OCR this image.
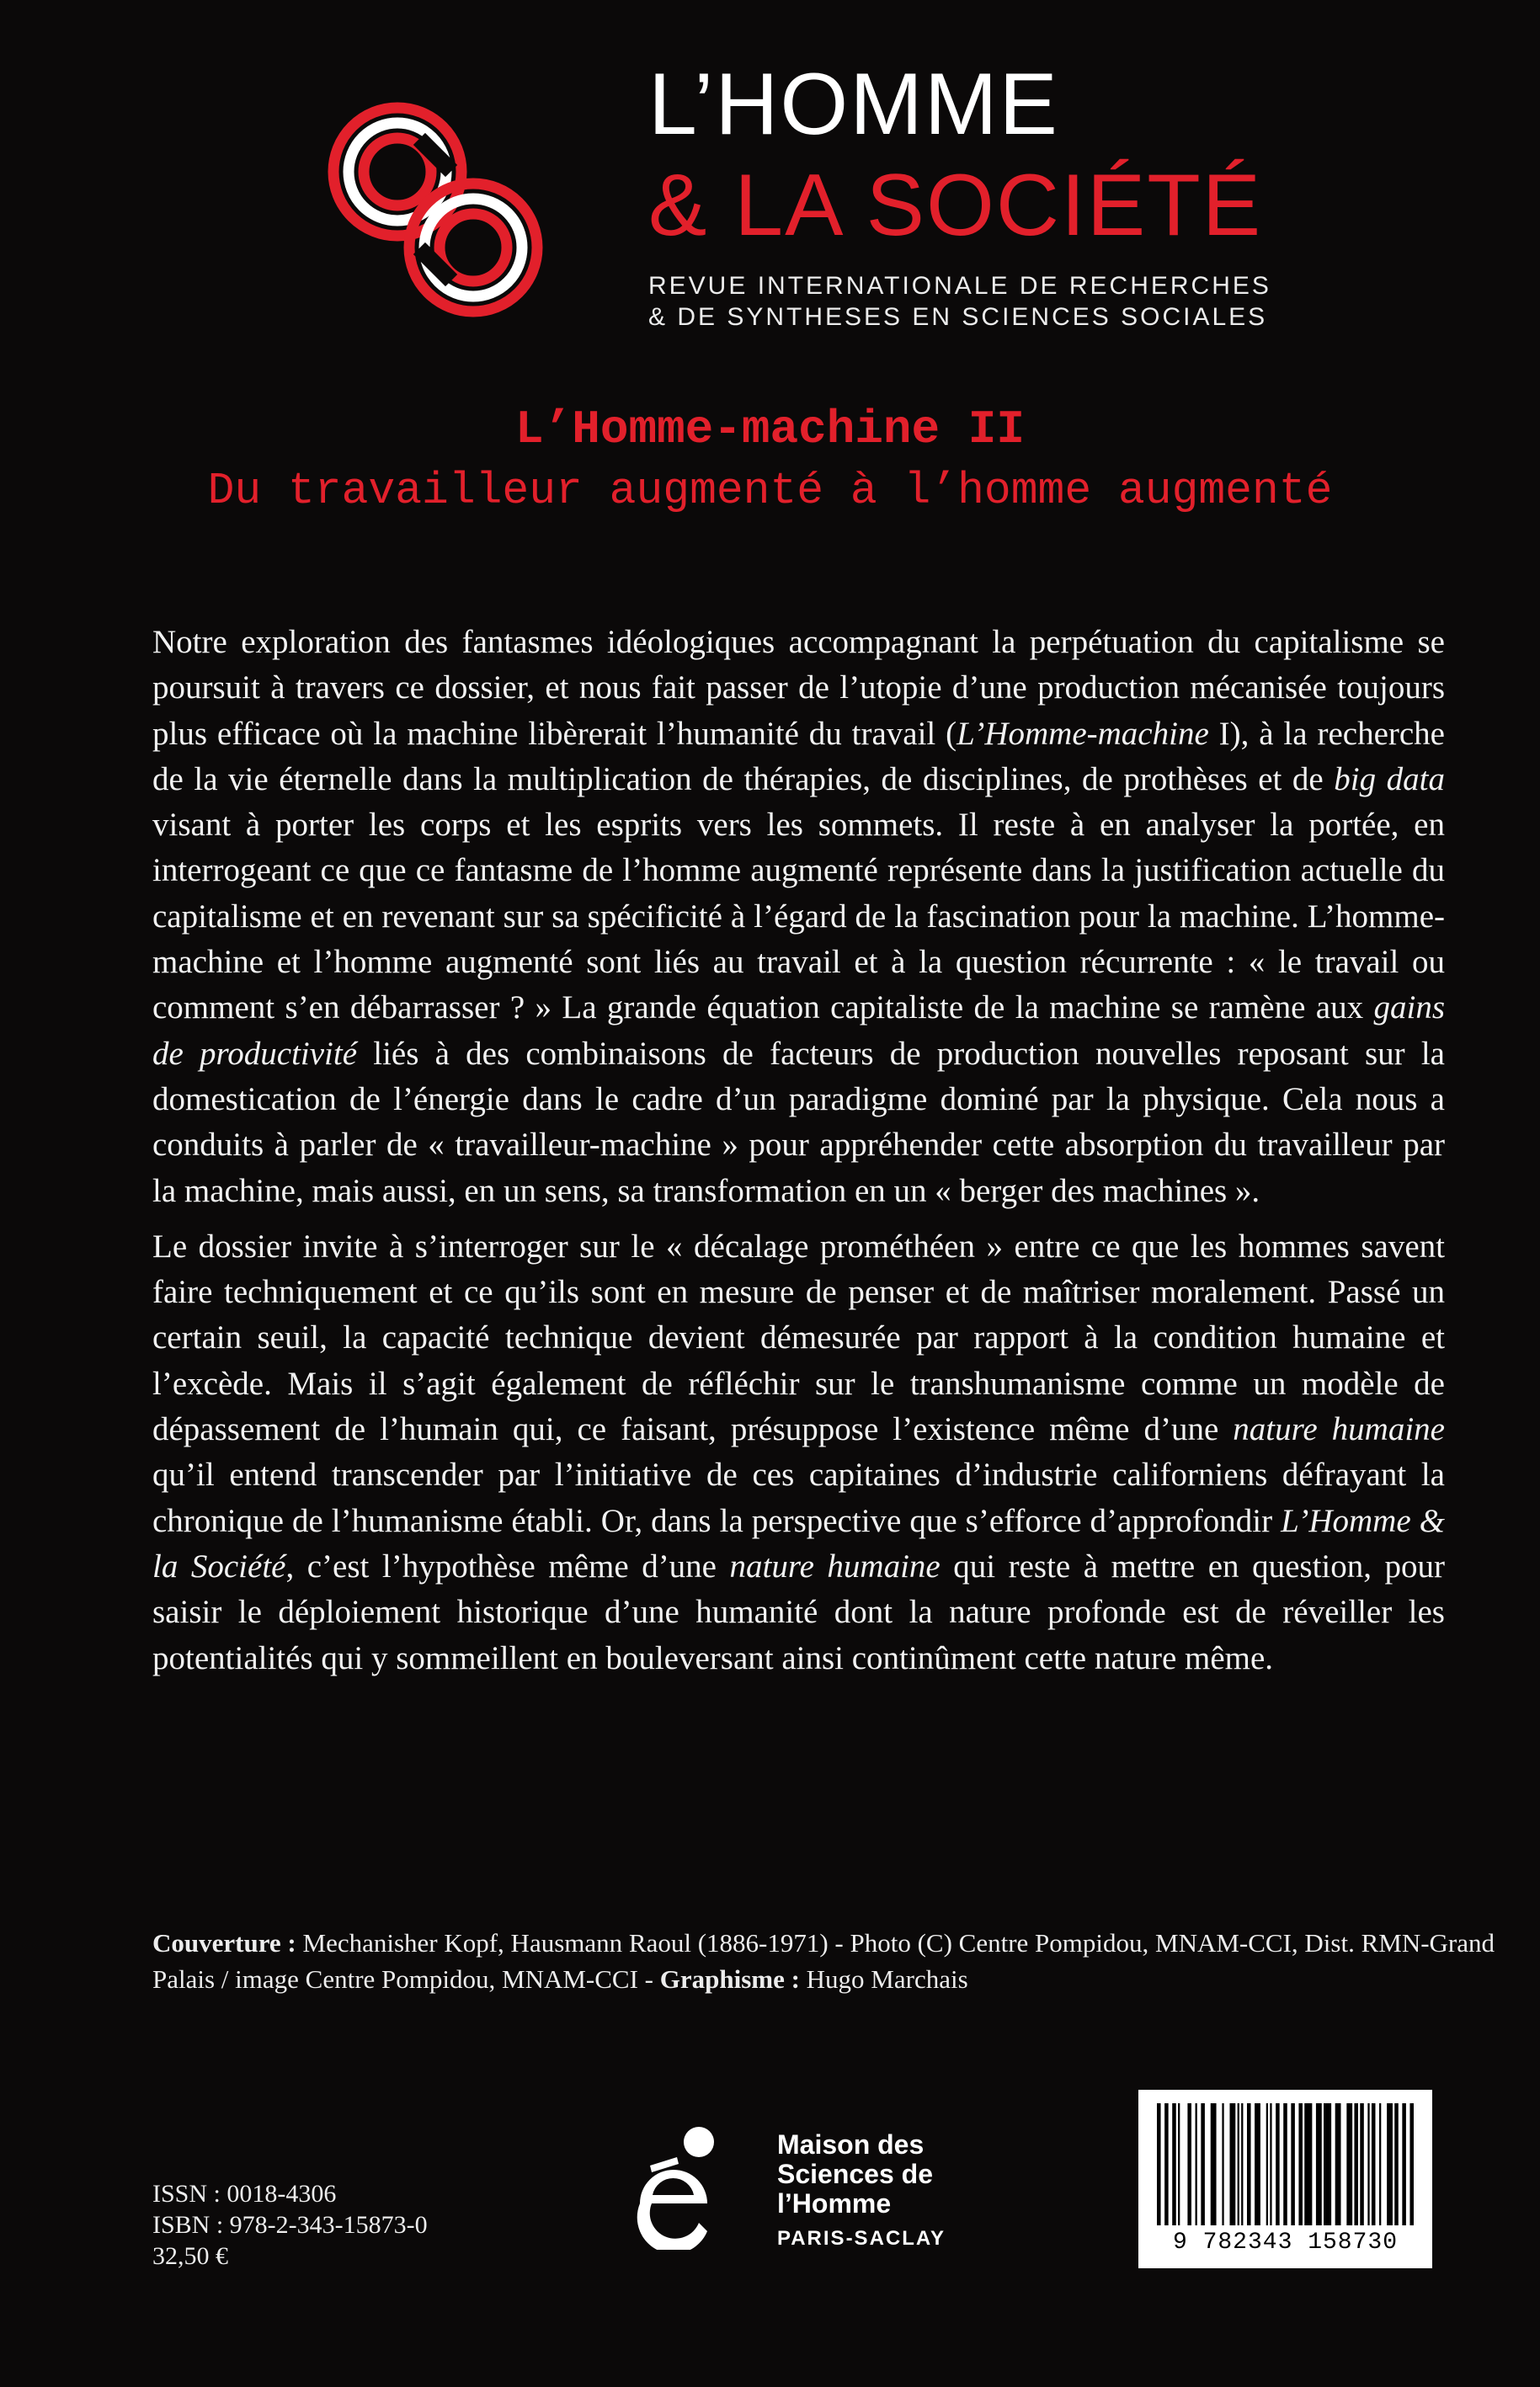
L’HOMME
& LA SOCIÉTÉ
REVUE INTERNATIONALE DE RECHERCHES
& DE SYNTHESES EN SCIENCES SOCIALES
L’Homme-machine II
Du travailleur augmenté à l’homme augmenté

Notre exploration des fantasmes idéologiques accompagnant la perpétuation du capitalisme se poursuit à travers ce dossier, et nous fait passer de l’utopie d’une production mécanisée toujours plus efficace où la machine libèrerait l’humanité du travail (L’Homme-machine I), à la recherche de la vie éternelle dans la multiplication de thérapies, de disciplines, de prothèses et de big data visant à porter les corps et les esprits vers les sommets. Il reste à en analyser la portée, en interrogeant ce que ce fantasme de l’homme augmenté représente dans la justification actuelle du capitalisme et en revenant sur sa spécificité à l’égard de la fascination pour la machine. L’homme-machine et l’homme augmenté sont liés au travail et à la question récurrente : « le travail ou comment s’en débarrasser ? » La grande équation capitaliste de la machine se ramène aux gains de productivité liés à des combinaisons de facteurs de production nouvelles reposant sur la domestication de l’énergie dans le cadre d’un paradigme dominé par la physique. Cela nous a conduits à parler de « travailleur-machine » pour appréhender cette absorption du travailleur par la machine, mais aussi, en un sens, sa transformation en un « berger des machines ».

Le dossier invite à s’interroger sur le « décalage prométhéen » entre ce que les hommes savent faire techniquement et ce qu’ils sont en mesure de penser et de maîtriser moralement. Passé un certain seuil, la capacité technique devient démesurée par rapport à la condition humaine et l’excède. Mais il s’agit également de réfléchir sur le transhumanisme comme un modèle de dépassement de l’humain qui, ce faisant, présuppose l’existence même d’une nature humaine qu’il entend transcender par l’initiative de ces capitaines d’industrie californiens défrayant la chronique de l’humanisme établi. Or, dans la perspective que s’efforce d’approfondir L’Homme & la Société, c’est l’hypothèse même d’une nature humaine qui reste à mettre en question, pour saisir le déploiement historique d’une humanité dont la nature profonde est de réveiller les potentialités qui y sommeillent en bouleversant ainsi continûment cette nature même.

Couverture : Mechanisher Kopf, Hausmann Raoul (1886-1971) - Photo (C) Centre Pompidou, MNAM-CCI, Dist. RMN-Grand Palais / image Centre Pompidou, MNAM-CCI - Graphisme : Hugo Marchais
ISSN : 0018-4306
ISBN : 978-2-343-15873-0
32,50 €
Maison des
Sciences de
l’Homme
PARIS-SACLAY	9 782343 158730
